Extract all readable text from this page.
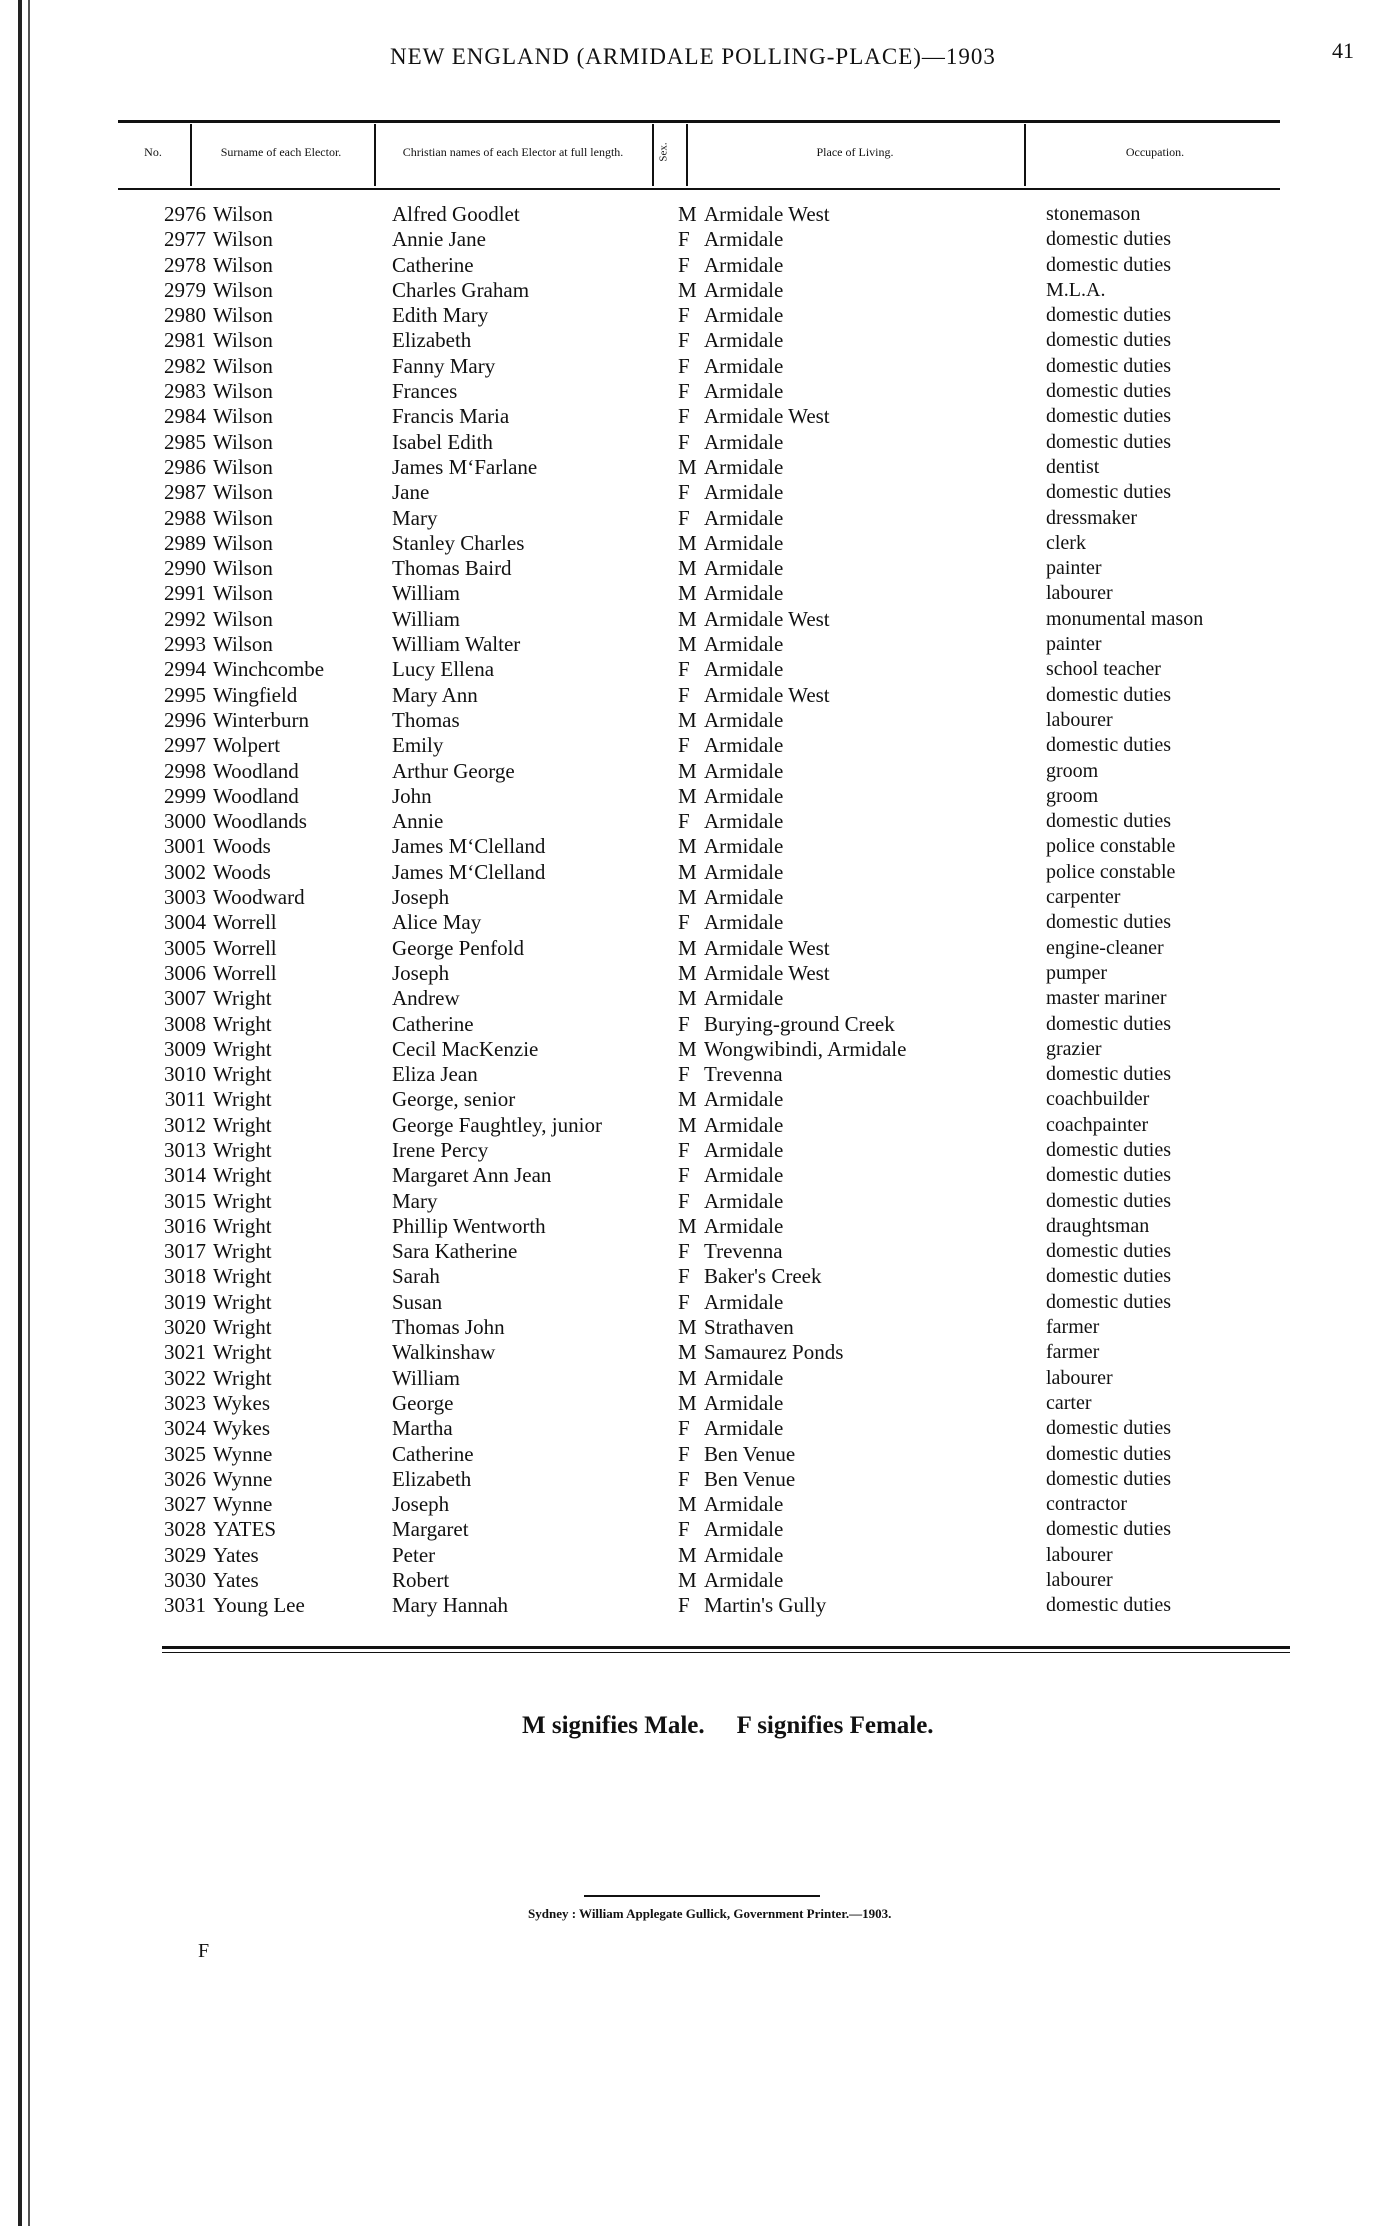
NEW ENGLAND (ARMIDALE POLLING-PLACE)—1903	41
No.	Surname of each Elector.	Christian names of each Elector at full length.	Sex.	Place of Living.	Occupation.
2976 Wilson	Alfred Goodlet	M Armidale West	stonemason
2977 Wilson	Annie Jane	F Armidale	domestic duties
2978 Wilson	Catherine	F Armidale	domestic duties
2979 Wilson	Charles Graham	M Armidale	M.L.A.
2980 Wilson	Edith Mary	F Armidale	domestic duties
2981 Wilson	Elizabeth	F Armidale	domestic duties
2982 Wilson	Fanny Mary	F Armidale	domestic duties
2983 Wilson	Frances	F Armidale	domestic duties
2984 Wilson	Francis Maria	F Armidale West	domestic duties
2985 Wilson	Isabel Edith	F Armidale	domestic duties
2986 Wilson	James M‘Farlane	M Armidale	dentist
2987 Wilson	Jane	F Armidale	domestic duties
2988 Wilson	Mary	F Armidale	dressmaker
2989 Wilson	Stanley Charles	M Armidale	clerk
2990 Wilson	Thomas Baird	M Armidale	painter
2991 Wilson	William	M Armidale	labourer
2992 Wilson	William	M Armidale West	monumental mason
2993 Wilson	William Walter	M Armidale	painter
2994 Winchcombe	Lucy Ellena	F Armidale	school teacher
2995 Wingfield	Mary Ann	F Armidale West	domestic duties
2996 Winterburn	Thomas	M Armidale	labourer
2997 Wolpert	Emily	F Armidale	domestic duties
2998 Woodland	Arthur George	M Armidale	groom
2999 Woodland	John	M Armidale	groom
3000 Woodlands	Annie	F Armidale	domestic duties
3001 Woods	James M‘Clelland	M Armidale	police constable
3002 Woods	James M‘Clelland	M Armidale	police constable
3003 Woodward	Joseph	M Armidale	carpenter
3004 Worrell	Alice May	F Armidale	domestic duties
3005 Worrell	George Penfold	M Armidale West	engine-cleaner
3006 Worrell	Joseph	M Armidale West	pumper
3007 Wright	Andrew	M Armidale	master mariner
3008 Wright	Catherine	F Burying-ground Creek	domestic duties
3009 Wright	Cecil MacKenzie	M Wongwibindi, Armidale	grazier
3010 Wright	Eliza Jean	F Trevenna	domestic duties
3011 Wright	George, senior	M Armidale	coachbuilder
3012 Wright	George Faughtley, junior	M Armidale	coachpainter
3013 Wright	Irene Percy	F Armidale	domestic duties
3014 Wright	Margaret Ann Jean	F Armidale	domestic duties
3015 Wright	Mary	F Armidale	domestic duties
3016 Wright	Phillip Wentworth	M Armidale	draughtsman
3017 Wright	Sara Katherine	F Trevenna	domestic duties
3018 Wright	Sarah	F Baker's Creek	domestic duties
3019 Wright	Susan	F Armidale	domestic duties
3020 Wright	Thomas John	M Strathaven	farmer
3021 Wright	Walkinshaw	M Samaurez Ponds	farmer
3022 Wright	William	M Armidale	labourer
3023 Wykes	George	M Armidale	carter
3024 Wykes	Martha	F Armidale	domestic duties
3025 Wynne	Catherine	F Ben Venue	domestic duties
3026 Wynne	Elizabeth	F Ben Venue	domestic duties
3027 Wynne	Joseph	M Armidale	contractor
3028 YATES	Margaret	F Armidale	domestic duties
3029 Yates	Peter	M Armidale	labourer
3030 Yates	Robert	M Armidale	labourer
3031 Young Lee	Mary Hannah	F Martin's Gully	domestic duties
M signifies Male. F signifies Female.
Sydney : William Applegate Gullick, Government Printer.—1903.
F
